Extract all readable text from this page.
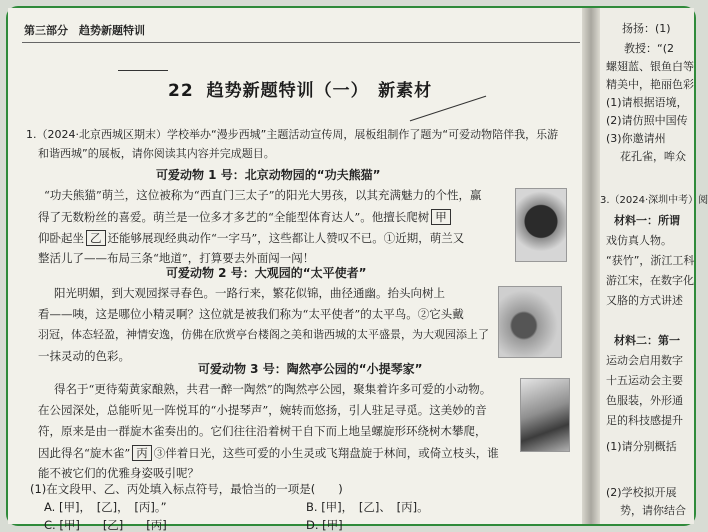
第三部分　趋势新题特训
22 趋势新题特训（一）　新素材
1.（2024·北京西城区期末）学校举办“漫步西城”主题活动宣传周，展板组制作了题为“可爱动物陪伴我，乐游
和谐西城”的展板，请你阅读其内容并完成题目。
可爱动物 1 号：北京动物园的“功夫熊猫”
“功夫熊猫”萌兰，这位被称为“西直门三太子”的阳光大男孩，以其充满魅力的个性，赢
得了无数粉丝的喜爱。萌兰是一位多才多艺的“全能型体育达人”。他擅长爬树 甲
仰卧起坐 乙 还能够展现经典动作“一字马”，这些都让人赞叹不已。①近期，萌兰又
整活儿了——布局三条“地道”，打算要去外面闯一闯！
可爱动物 2 号：大观园的“太平使者”
阳光明媚，到大观园探寻春色。一路行来，繁花似锦，曲径通幽。抬头向树上
看——咦，这是哪位小精灵啊？这位就是被我们称为“太平使者”的太平鸟。②它头戴
羽冠，体态轻盈，神情安逸，仿佛在欣赏亭台楼阁之美和谐西城的太平盛景，为大观园添上了
一抹灵动的色彩。
可爱动物 3 号：陶然亭公园的“小提琴家”
得名于“更待菊黄家酿熟，共君一醉一陶然”的陶然亭公园，聚集着许多可爱的小动物。
在公园深处，总能听见一阵悦耳的“小提琴声”，婉转而悠扬，引人驻足寻觅。这美妙的音
符，原来是由一群旋木雀奏出的。它们往往沿着树干自下而上地呈螺旋形环绕树木攀爬，
因此得名“旋木雀” 丙 ③伴着日光，这些可爱的小生灵或飞翔盘旋于林间，或倚立枝头，谁
能不被它们的优雅身姿吸引呢？
(1)在文段甲、乙、丙处填入标点符号，最恰当的一项是(　　)
A. [甲]，　[乙]，　[丙]。”	B. [甲]，　[乙]、　[丙]。
C. [甲]　　[乙]　　[丙]	D. [甲]
扬扬：(1)
教授：“(2
螺翅蓝、银鱼白等
精美中，艳丽色彩
(1)请根据语境，
(2)请仿照中国传
(3)你邀请州
花孔雀，哞众
3.（2024·深圳中考）阅
材料一：所谓
戏仿真人物。
“获竹”，浙江工科
游江宋，在数字化
又胳的方式讲述
材料二：第一
运动会启用数字
十五运动会主要
色服装，外形通
足的科技感提升
(1)请分别概括
(2)学校拟开展
势，请你结合
